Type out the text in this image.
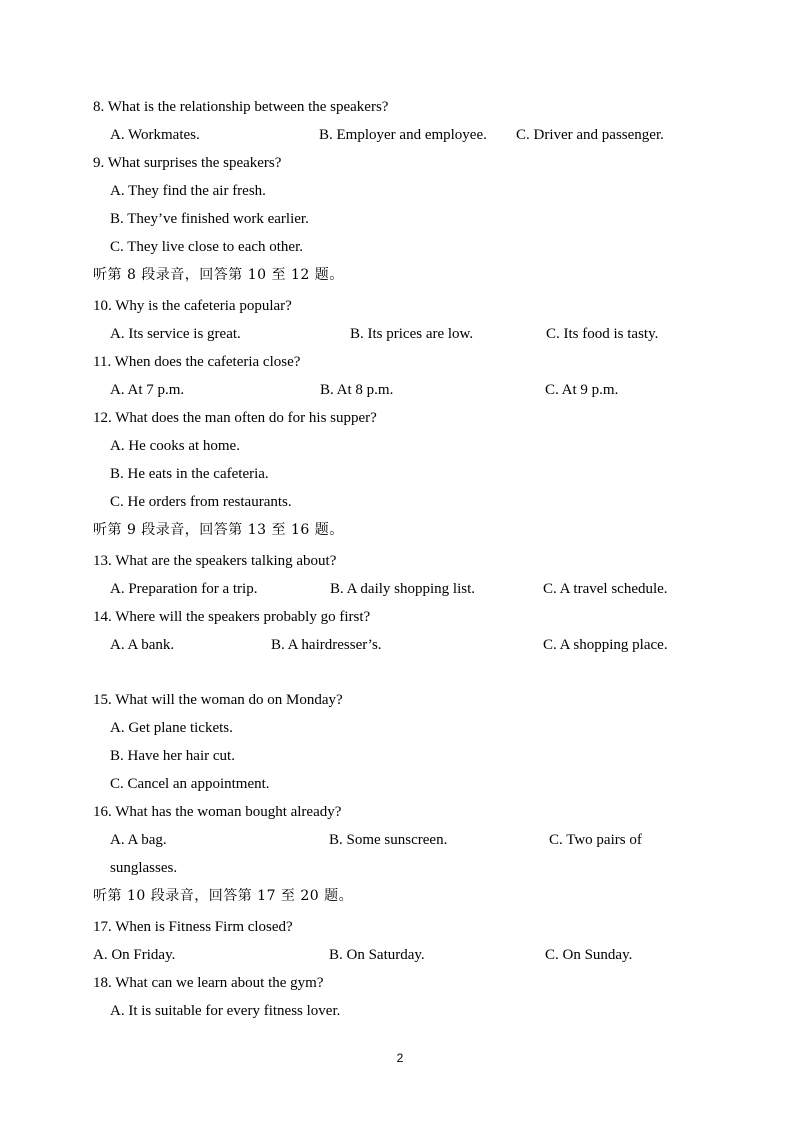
8. What is the relationship between the speakers?
A. Workmates.	B. Employer and employee. C. Driver and passenger.
9. What surprises the speakers?
A. They find the air fresh.
B. They’ve finished work earlier.
C. They live close to each other.
听第 8 段录音，回答第 10 至 12 题。
10. Why is the cafeteria popular?
A. Its service is great.	B. Its prices are low.	C. Its food is tasty.
11. When does the cafeteria close?
A. At 7 p.m.	B. At 8 p.m.	C. At 9 p.m.
12. What does the man often do for his supper?
A. He cooks at home.
B. He eats in the cafeteria.
C. He orders from restaurants.
听第 9 段录音，回答第 13 至 16 题。
13. What are the speakers talking about?
A. Preparation for a trip.	B. A daily shopping list.	C. A travel schedule.
14. Where will the speakers probably go first?
A. A bank.	B. A hairdresser’s.	C. A shopping place.
15. What will the woman do on Monday?
A. Get plane tickets.
B. Have her hair cut.
C. Cancel an appointment.
16. What has the woman bought already?
A. A bag.	B. Some sunscreen.	C. Two pairs of
sunglasses.
听第 10 段录音，回答第 17 至 20 题。
17. When is Fitness Firm closed?
A. On Friday.	B. On Saturday.	C. On Sunday.
18. What can we learn about the gym?
A. It is suitable for every fitness lover.
2
